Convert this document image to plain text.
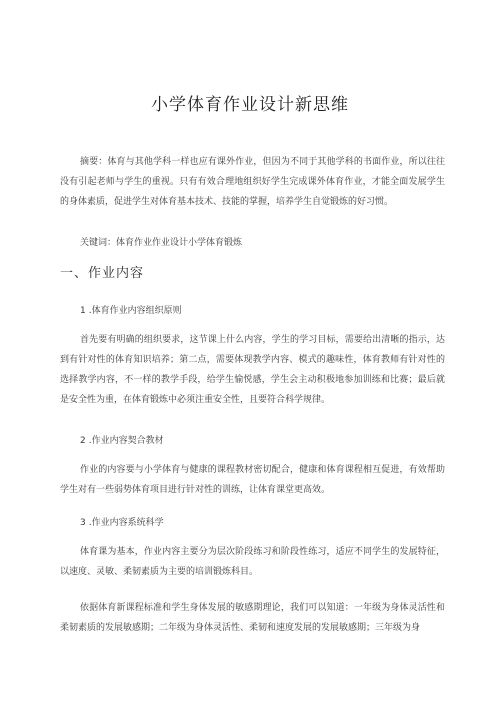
小学体育作业设计新思维

摘要：体育与其他学科一样也应有课外作业，但因为不同于其他学科的书面作业，所以往往没有引起老师与学生的重视。只有有效合理地组织好学生完成课外体育作业，才能全面发展学生的身体素质，促进学生对体育基本技术、技能的掌握，培养学生自觉锻炼的好习惯。

关键词：体育作业作业设计小学体育锻炼

一、作业内容
1 .体育作业内容组织原则

首先要有明确的组织要求，这节课上什么内容，学生的学习目标，需要给出清晰的指示，达到有针对性的体育知识培养；第二点，需要体现教学内容、模式的趣味性，体育教师有针对性的选择教学内容，不一样的教学手段，给学生愉悦感，学生会主动积极地参加训练和比赛；最后就是安全性为重，在体育锻炼中必须注重安全性，且要符合科学规律。

2 .作业内容契合教材

作业的内容要与小学体育与健康的课程教材密切配合，健康和体育课程相互促进，有效帮助学生对有一些弱势体育项目进行针对性的训练，让体育课堂更高效。

3 .作业内容系统科学

体育课为基本，作业内容主要分为层次阶段练习和阶段性练习，适应不同学生的发展特征，以速度、灵敏、柔韧素质为主要的培训锻炼科目。

依据体育新课程标准和学生身体发展的敏感期理论，我们可以知道：一年级为身体灵活性和柔韧素质的发展敏感期；二年级为身体灵活性、柔韧和速度发展的发展敏感期；三年级为身
